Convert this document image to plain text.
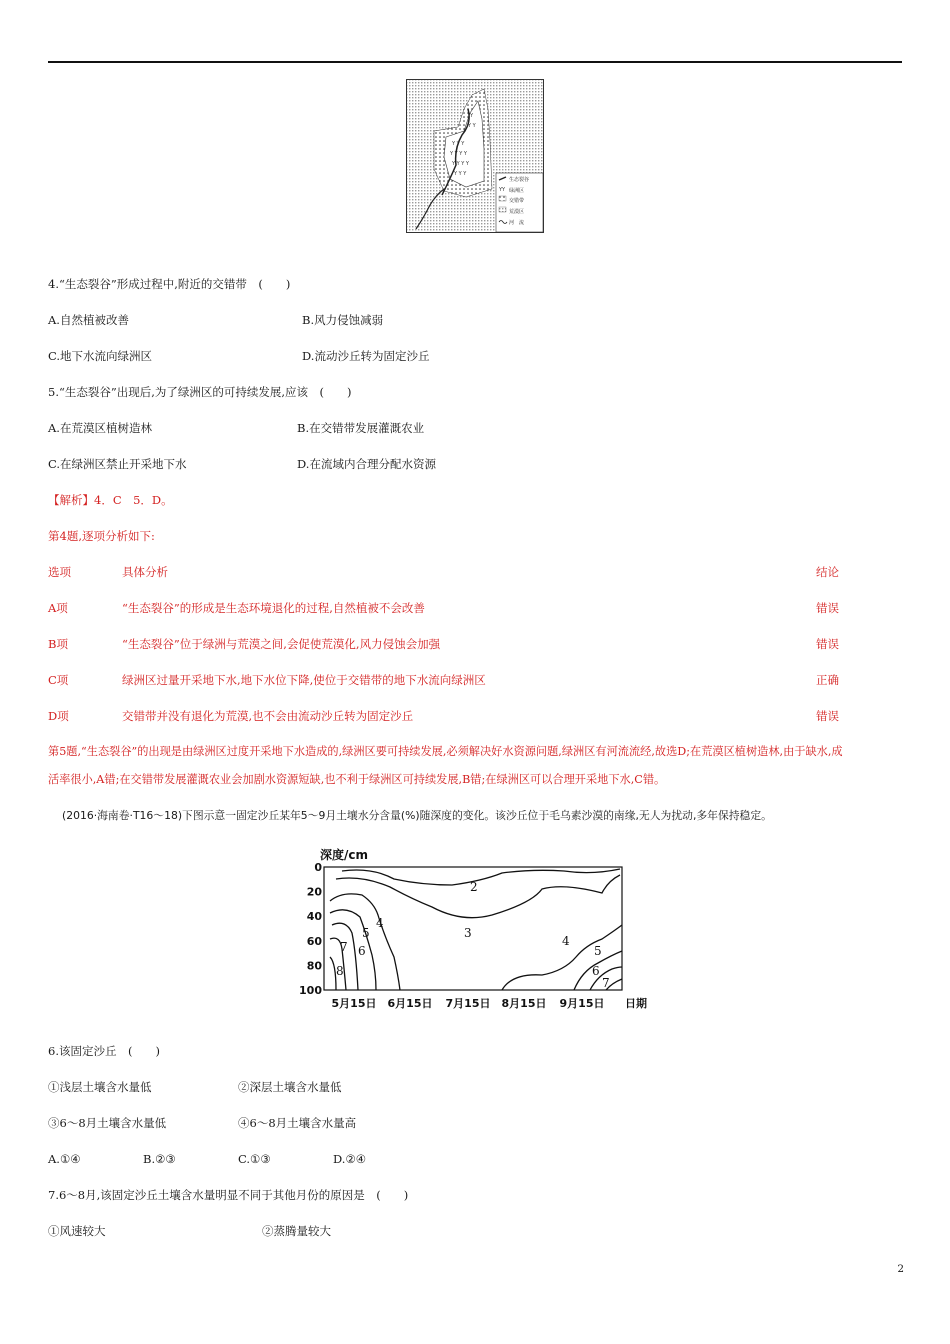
Y Y Y
Y Y Y Y
Y Y Y Y
Y Y Y
Y Y
Y
YY
生态裂谷
绿洲区
交错带
荒漠区
河　流
4.“生态裂谷”形成过程中,附近的交错带　(　　)
A.自然植被改善	B.风力侵蚀减弱
C.地下水流向绿洲区	D.流动沙丘转为固定沙丘
5.“生态裂谷”出现后,为了绿洲区的可持续发展,应该　(　　)
A.在荒漠区植树造林	B.在交错带发展灌溉农业
C.在绿洲区禁止开采地下水	D.在流域内合理分配水资源
【解析】4．C　5．D。
第4题,逐项分析如下:
选项	具体分析	结论
A项	“生态裂谷”的形成是生态环境退化的过程,自然植被不会改善	错误
B项	“生态裂谷”位于绿洲与荒漠之间,会促使荒漠化,风力侵蚀会加强	错误
C项	绿洲区过量开采地下水,地下水位下降,使位于交错带的地下水流向绿洲区	正确
D项	交错带并没有退化为荒漠,也不会由流动沙丘转为固定沙丘	错误
第5题,“生态裂谷”的出现是由绿洲区过度开采地下水造成的,绿洲区要可持续发展,必须解决好水资源问题,绿洲区有河流流经,故选D;在荒漠区植树造林,由于缺水,成
活率很小,A错;在交错带发展灌溉农业会加剧水资源短缺,也不利于绿洲区可持续发展,B错;在绿洲区可以合理开采地下水,C错。
(2016·海南卷·T16～18)下图示意一固定沙丘某年5～9月土壤水分含量(%)随深度的变化。该沙丘位于毛乌素沙漠的南缘,无人为扰动,多年保持稳定。
深度/cm
0
20
40
60
80
100
5月15日 6月15日 7月15日 8月15日 9月15日 日期
2
3
4
5
6
7
8
4
5
6
7
6.该固定沙丘　(　　)
①浅层土壤含水量低	②深层土壤含水量低
③6～8月土壤含水量低	④6～8月土壤含水量高
A.①④	B.②③	C.①③	D.②④
7.6～8月,该固定沙丘土壤含水量明显不同于其他月份的原因是　(　　)
①风速较大	②蒸腾量较大
2
